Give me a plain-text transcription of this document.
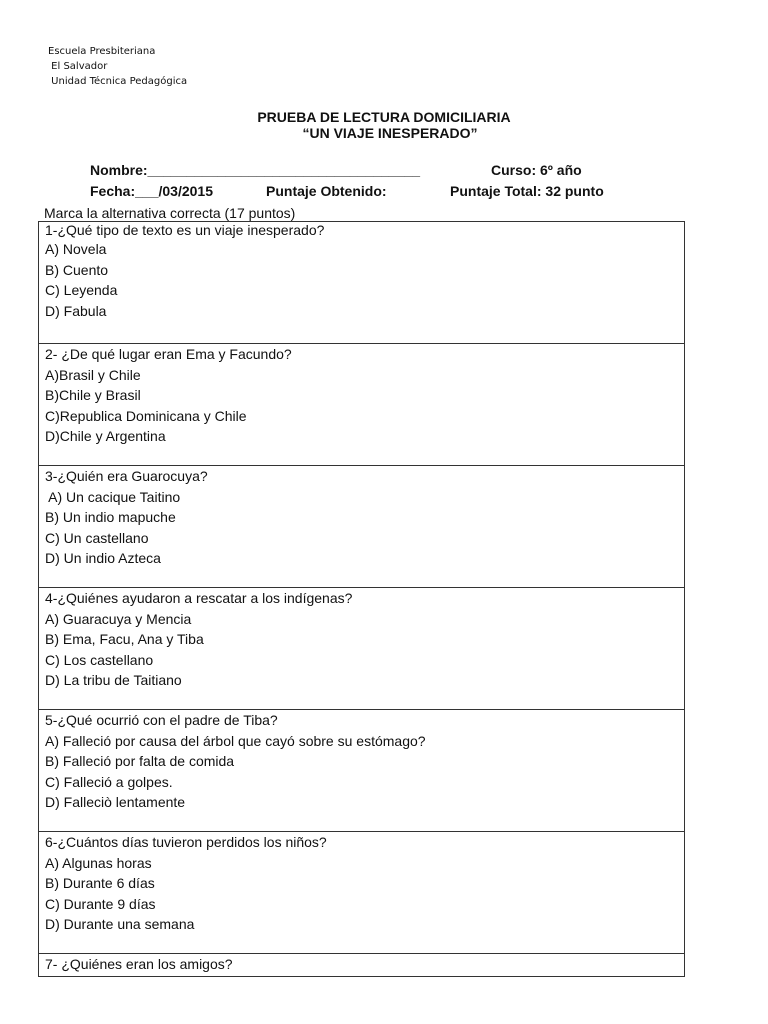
Escuela Presbiteriana
El Salvador
Unidad Técnica Pedagógica
PRUEBA DE LECTURA DOMICILIARIA
“UN VIAJE INESPERADO”
Nombre:___________________________________	Curso: 6º año
Fecha:___/03/2015	Puntaje Obtenido:	Puntaje Total: 32 punto
Marca la alternativa correcta (17 puntos)
1-¿Qué tipo de texto es un viaje inesperado?
A) Novela
B) Cuento
C) Leyenda
D) Fabula
2- ¿De qué lugar eran Ema y Facundo?
A)Brasil y Chile
B)Chile y Brasil
C)Republica Dominicana y Chile
D)Chile y Argentina
3-¿Quién era Guarocuya?
A) Un cacique Taitino
B) Un indio mapuche
C) Un castellano
D) Un indio Azteca
4-¿Quiénes ayudaron a rescatar a los indígenas?
A) Guaracuya y Mencia
B) Ema, Facu, Ana y Tiba
C) Los castellano
D) La tribu de Taitiano
5-¿Qué ocurrió con el padre de Tiba?
A) Falleció por causa del árbol que cayó sobre su estómago?
B) Falleció por falta de comida
C) Falleció a golpes.
D) Falleciò lentamente
6-¿Cuántos días tuvieron perdidos los niños?
A) Algunas horas
B) Durante 6 días
C) Durante 9 días
D) Durante una semana
7- ¿Quiénes eran los amigos?
